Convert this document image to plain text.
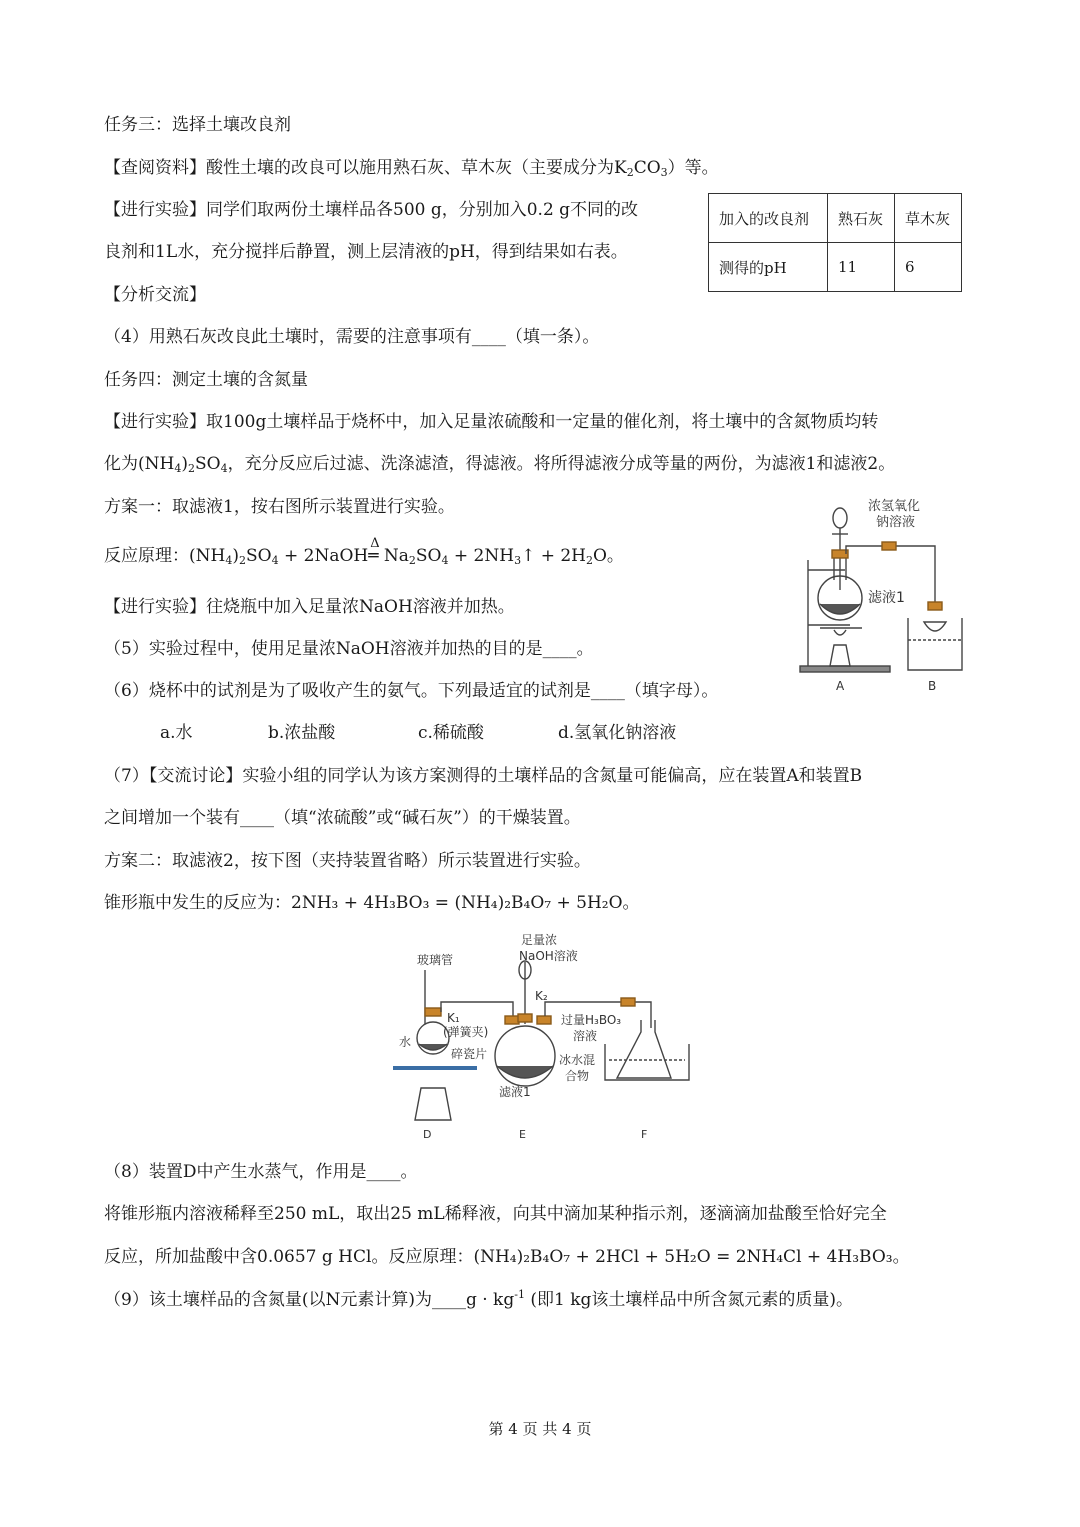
任务三：选择土壤改良剂
【查阅资料】酸性土壤的改良可以施用熟石灰、草木灰（主要成分为$K_2CO_3$）等。
【进行实验】同学们取两份土壤样品各500 g，分别加入0.2 g不同的改
良剂和1L水，充分搅拌后静置，测上层清液的pH，得到结果如右表。
加入的改良剂	熟石灰	草木灰
测得的pH	11	6
【分析交流】
（4）用熟石灰改良此土壤时，需要的注意事项有____（填一条）。
任务四：测定土壤的含氮量
【进行实验】取100g土壤样品于烧杯中，加入足量浓硫酸和一定量的催化剂，将土壤中的含氮物质均转
化为$(NH_4)_2SO_4$，充分反应后过滤、洗涤滤渣，得滤液。将所得滤液分成等量的两份，为滤液1和滤液2。
方案一：取滤液1，按右图所示装置进行实验。
反应原理：$(NH_4)_2SO_4$ + 2NaOH
Δ
═ $Na_2SO_4$ + $2NH_3↑ + 2H_2O$。
【进行实验】往烧瓶中加入足量浓NaOH溶液并加热。
（5）实验过程中，使用足量浓NaOH溶液并加热的目的是____。
（6）烧杯中的试剂是为了吸收产生的氨气。下列最适宜的试剂是____（填字母）。
a.水	b.浓盐酸	c.稀硫酸	d.氢氧化钠溶液
（7）【交流讨论】实验小组的同学认为该方案测得的土壤样品的含氮量可能偏高，应在装置A和装置B
之间增加一个装有____（填“浓硫酸”或“碱石灰”）的干燥装置。
方案二：取滤液2，按下图（夹持装置省略）所示装置进行实验。
锥形瓶中发生的反应为：2NH₃ + 4H₃BO₃ = (NH₄)₂B₄O₇ + 5H₂O。
（8）装置D中产生水蒸气，作用是____。
将锥形瓶内溶液稀释至250 mL，取出25 mL稀释液，向其中滴加某种指示剂，逐滴滴加盐酸至恰好完全
反应，所加盐酸中含0.0657 g HCl。反应原理：(NH₄)₂B₄O₇ + 2HCl + 5H₂O = 2NH₄Cl + 4H₃BO₃。
（9）该土壤样品的含氮量(以N元素计算)为____g · $kg^{-1}$ (即1 kg该土壤样品中所含氮元素的质量)。
浓氢氧化
钠溶液
滤液1
A	B
玻璃管
足量浓
NaOH溶液
K₁
(弹簧夹)
K₂
水
碎瓷片
过量H₃BO₃
溶液
冰水混
合物
滤液1
D	E	F
第 4 页 共 4 页
